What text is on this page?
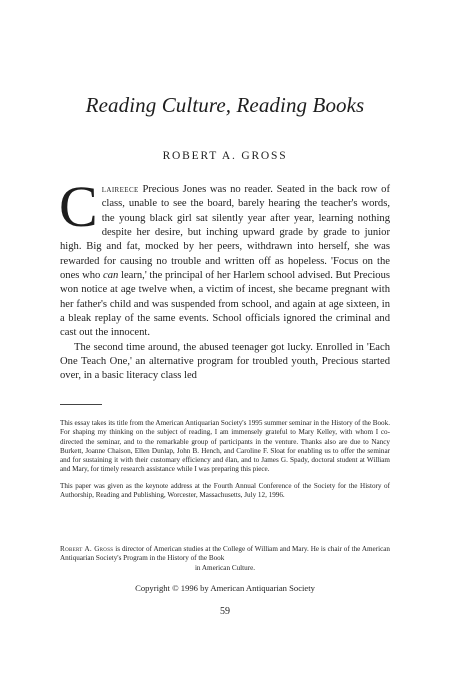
Reading Culture, Reading Books
ROBERT A. GROSS

Claireece Precious Jones was no reader. Seated in the back row of class, unable to see the board, barely hearing the teacher's words, the young black girl sat silently year after year, learning nothing despite her desire, but inching upward grade by grade to junior high. Big and fat, mocked by her peers, withdrawn into herself, she was rewarded for causing no trouble and written off as hopeless. 'Focus on the ones who can learn,' the principal of her Harlem school advised. But Precious won notice at age twelve when, a victim of incest, she became pregnant with her father's child and was suspended from school, and again at age sixteen, in a bleak replay of the same events. School officials ignored the criminal and cast out the innocent.

The second time around, the abused teenager got lucky. Enrolled in 'Each One Teach One,' an alternative program for troubled youth, Precious started over, in a basic literacy class led

This essay takes its title from the American Antiquarian Society's 1995 summer seminar in the History of the Book. For shaping my thinking on the subject of reading, I am immensely grateful to Mary Kelley, with whom I co-directed the seminar, and to the remarkable group of participants in the venture. Thanks also are due to Nancy Burkett, Joanne Chaison, Ellen Dunlap, John B. Hench, and Caroline F. Sloat for enabling us to offer the seminar and for sustaining it with their customary efficiency and élan, and to James G. Spady, doctoral student at William and Mary, for timely research assistance while I was preparing this piece.

This paper was given as the keynote address at the Fourth Annual Conference of the Society for the History of Authorship, Reading and Publishing, Worcester, Massachusetts, July 12, 1996.

Robert A. Gross is director of American studies at the College of William and Mary. He is chair of the American Antiquarian Society's Program in the History of the Book
in American Culture.
Copyright © 1996 by American Antiquarian Society
59
